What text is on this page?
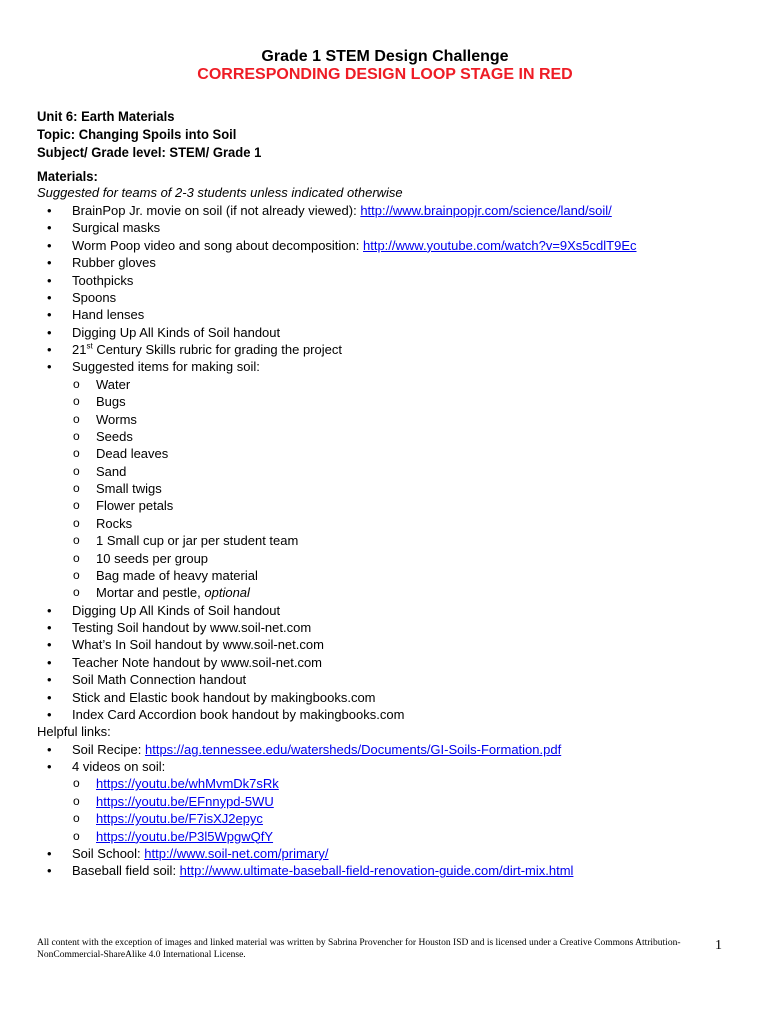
Grade 1 STEM Design Challenge
CORRESPONDING DESIGN LOOP STAGE IN RED
Unit 6: Earth Materials
Topic: Changing Spoils into Soil
Subject/ Grade level: STEM/ Grade 1
Materials:
Suggested for teams of 2-3 students unless indicated otherwise
•	BrainPop Jr. movie on soil (if not already viewed): http://www.brainpopjr.com/science/land/soil/
•	Surgical masks
•	Worm Poop video and song about decomposition: http://www.youtube.com/watch?v=9Xs5cdlT9Ec
•	Rubber gloves
•	Toothpicks
•	Spoons
•	Hand lenses
•	Digging Up All Kinds of Soil handout
•	21st Century Skills rubric for grading the project
•	Suggested items for making soil:
o	Water
o	Bugs
o	Worms
o	Seeds
o	Dead leaves
o	Sand
o	Small twigs
o	Flower petals
o	Rocks
o	1 Small cup or jar per student team
o	10 seeds per group
o	Bag made of heavy material
o	Mortar and pestle, optional
•	Digging Up All Kinds of Soil handout
•	Testing Soil handout by www.soil-net.com
•	What’s In Soil handout by www.soil-net.com
•	Teacher Note handout by www.soil-net.com
•	Soil Math Connection handout
•	Stick and Elastic book handout by makingbooks.com
•	Index Card Accordion book handout by makingbooks.com
Helpful links:
•	Soil Recipe: https://ag.tennessee.edu/watersheds/Documents/GI-Soils-Formation.pdf
•	4 videos on soil:
o	https://youtu.be/whMvmDk7sRk
o	https://youtu.be/EFnnypd-5WU
o	https://youtu.be/F7isXJ2epyc
o	https://youtu.be/P3l5WpgwQfY
•	Soil School: http://www.soil-net.com/primary/
•	Baseball field soil: http://www.ultimate-baseball-field-renovation-guide.com/dirt-mix.html
All content with the exception of images and linked material was written by Sabrina Provencher for Houston ISD and is licensed under a Creative Commons Attribution-NonCommercial-ShareAlike 4.0 International License.
1
